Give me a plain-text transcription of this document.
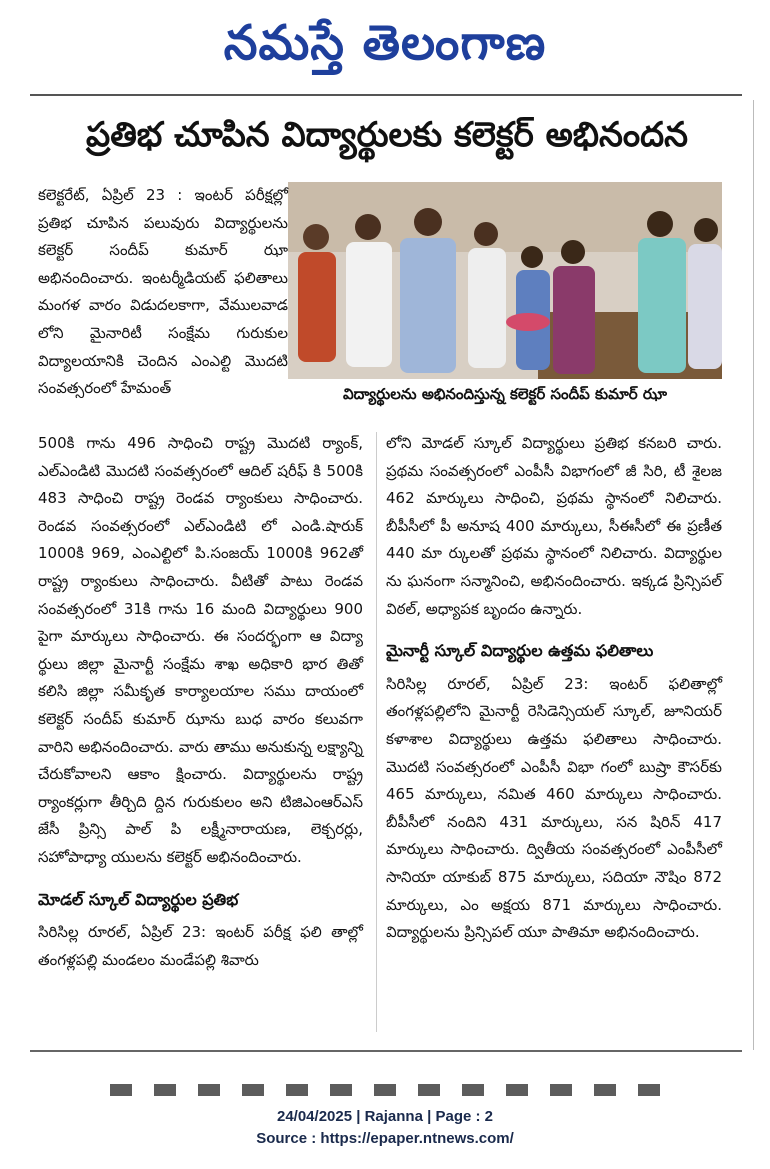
నమస్తే తెలంగాణ
ప్రతిభ చూపిన విద్యార్థులకు కలెక్టర్ అభినందన
విద్యార్థులను అభినందిస్తున్న కలెక్టర్ సందీప్ కుమార్ ఝా

కలెక్టరేట్, ఏప్రిల్ 23 : ఇంటర్ పరీక్షల్లో ప్రతిభ చూపిన పలువురు విద్యార్థులను కలెక్టర్ సందీప్ కుమార్ ఝా అభినందించారు. ఇంటర్మీడియట్ ఫలితాలు మంగళ వారం విడుదలకాగా, వేములవాడ లోని మైనారిటీ సంక్షేమ గురుకుల విద్యాలయానికి చెందిన ఎంఎల్టి మొదటి సంవత్సరంలో హేమంత్

500కి గాను 496 సాధించి రాష్ట్ర మొదటి ర్యాంక్, ఎల్ఎండిటి మొదటి సంవత్సరంలో ఆదిల్ షరీఫ్ కి 500కి 483 సాధించి రాష్ట్ర రెండవ ర్యాంకులు సాధించారు. రెండవ సంవత్సరంలో ఎల్ఎండిటి లో ఎండి.షారుక్ 1000కి 969, ఎంఎల్టిలో పి.సంజయ్ 1000కి 962తో రాష్ట్ర ర్యాంకులు సాధించారు. వీటితో పాటు రెండవ సంవత్సరంలో 31కి గాను 16 మంది విద్యార్థులు 900 పైగా మార్కులు సాధించారు. ఈ సందర్భంగా ఆ విద్యా ర్థులు జిల్లా మైనార్టీ సంక్షేమ శాఖ అధికారి భార తితో కలిసి జిల్లా సమీకృత కార్యాలయాల సము దాయంలో కలెక్టర్ సందీప్ కుమార్ ఝాను బుధ వారం కలువగా వారిని అభినందించారు. వారు తాము అనుకున్న లక్ష్యాన్ని చేరుకోవాలని ఆకాం క్షించారు. విద్యార్థులను రాష్ట్ర ర్యాంకర్లుగా తీర్చిది ద్దిన గురుకులం అని టిజిఎంఆర్ఎస్ జేసీ ప్రిన్సి పాల్ పి లక్ష్మీనారాయణ, లెక్చరర్లు, సహోపాధ్యా యులను కలెక్టర్ అభినందించారు.

మోడల్ స్కూల్ విద్యార్థుల ప్రతిభ

సిరిసిల్ల రూరల్, ఏప్రిల్ 23: ఇంటర్ పరీక్ష ఫలి తాల్లో తంగళ్లపల్లి మండలం మండేపల్లి శివారు

లోని మోడల్ స్కూల్ విద్యార్థులు ప్రతిభ కనబరి చారు. ప్రథమ సంవత్సరంలో ఎంపీసీ విభాగంలో జీ సిరి, టీ శైలజ 462 మార్కులు సాధించి, ప్రథమ స్థానంలో నిలిచారు. బీపీసీలో పీ అనూష 400 మార్కులు, సీఈసీలో ఈ ప్రణీత 440 మా ర్కులతో ప్రథమ స్థానంలో నిలిచారు. విద్యార్థుల ను ఘనంగా సన్మానించి, అభినందించారు. ఇక్కడ ప్రిన్సిపల్ విఠల్, అధ్యాపక బృందం ఉన్నారు.

మైనార్టీ స్కూల్ విద్యార్థుల ఉత్తమ ఫలితాలు

సిరిసిల్ల రూరల్, ఏప్రిల్ 23: ఇంటర్ ఫలితాల్లో తంగళ్లపల్లిలోని మైనార్టీ రెసిడెన్సియల్ స్కూల్, జూనియర్ కళాశాల విద్యార్థులు ఉత్తమ ఫలితాలు సాధించారు. మొదటి సంవత్సరంలో ఎంపీసీ విభా గంలో బుష్రా కౌసర్‌కు 465 మార్కులు, నమిత 460 మార్కులు సాధించారు. బీపీసీలో నందిని 431 మార్కులు, సన షిరిన్ 417 మార్కులు సాధించారు. ద్వితీయ సంవత్సరంలో ఎంపీసీలో సానియా యాకుబ్ 875 మార్కులు, సదియా నౌషిం 872 మార్కులు, ఎం అక్షయ 871 మార్కులు సాధించారు. విద్యార్థులను ప్రిన్సిపల్ యూ పాతిమా అభినందించారు.

24/04/2025 | Rajanna | Page : 2
Source : https://epaper.ntnews.com/
